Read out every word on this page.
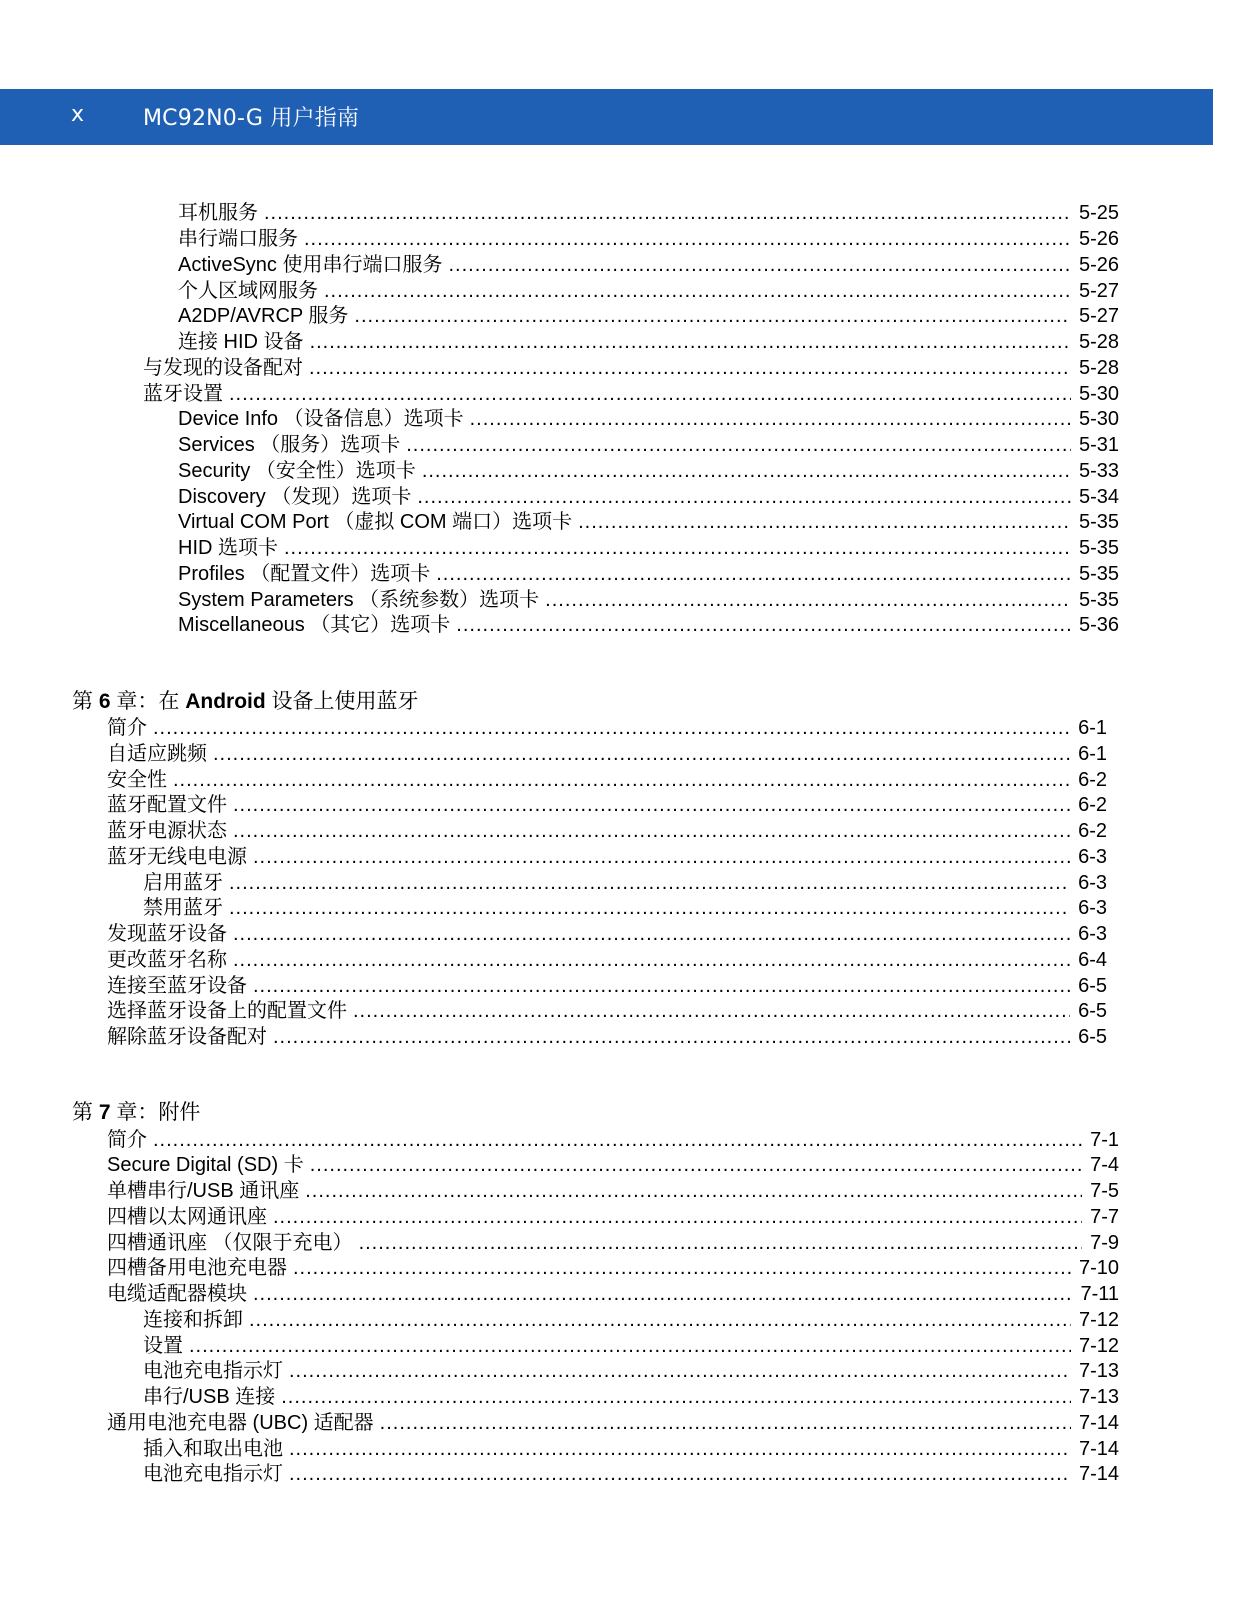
x	MC92N0-G 用户指南
耳机服务 .....	5-25
串行端口服务 .....	5-26
ActiveSync 使用串行端口服务 .....	5-26
个人区域网服务 .....	5-27
A2DP/AVRCP 服务 .....	5-27
连接 HID 设备 .....	5-28
与发现的设备配对 .....	5-28
蓝牙设置 .....	5-30
Device Info （设备信息）选项卡 .....	5-30
Services （服务）选项卡 .....	5-31
Security （安全性）选项卡 .....	5-33
Discovery （发现）选项卡 .....	5-34
Virtual COM Port （虚拟 COM 端口）选项卡 .....	5-35
HID 选项卡 .....	5-35
Profiles （配置文件）选项卡 .....	5-35
System Parameters （系统参数）选项卡 .....	5-35
Miscellaneous （其它）选项卡 .....	5-36
第 6 章：在 Android 设备上使用蓝牙
简介 .....	6-1
自适应跳频 .....	6-1
安全性 .....	6-2
蓝牙配置文件 .....	6-2
蓝牙电源状态 .....	6-2
蓝牙无线电电源 .....	6-3
启用蓝牙 .....	6-3
禁用蓝牙 .....	6-3
发现蓝牙设备 .....	6-3
更改蓝牙名称 .....	6-4
连接至蓝牙设备 .....	6-5
选择蓝牙设备上的配置文件 .....	6-5
解除蓝牙设备配对 .....	6-5
第 7 章：附件
简介 .....	7-1
Secure Digital (SD) 卡 .....	7-4
单槽串行/USB 通讯座 .....	7-5
四槽以太网通讯座 .....	7-7
四槽通讯座 （仅限于充电） .....	7-9
四槽备用电池充电器 .....	7-10
电缆适配器模块 .....	7-11
连接和拆卸 .....	7-12
设置 .....	7-12
电池充电指示灯 .....	7-13
串行/USB 连接 .....	7-13
通用电池充电器 (UBC) 适配器 .....	7-14
插入和取出电池 .....	7-14
电池充电指示灯 .....	7-14
